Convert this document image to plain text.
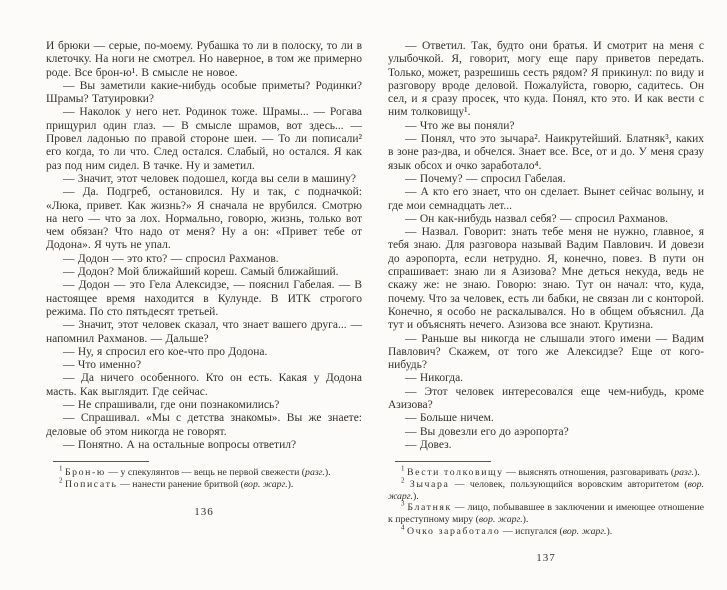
И брюки — серые, по-моему. Рубашка то ли в полоску, то ли в клеточку. На ноги не смотрел. Но наверное, в том же примерно роде. Все брон-ю¹. В смысле не новое.

— Вы заметили какие-нибудь особые приметы? Родинки? Шрамы? Татуировки?

— Наколок у него нет. Родинок тоже. Шрамы... — Рогава прищурил один глаз. — В смысле шрамов, вот здесь... — Провел ладонью по правой стороне шеи. — То ли пописали² его когда, то ли что. След остался. Слабый, но остался. Я как раз под ним сидел. В тачке. Ну и заметил.

— Значит, этот человек подошел, когда вы сели в машину?

— Да. Подгреб, остановился. Ну и так, с подначкой: «Люка, привет. Как жизнь?» Я сначала не врубился. Смотрю на него — что за лох. Нормально, говорю, жизнь, только вот чем обязан? Что надо от меня? Ну а он: «Привет тебе от Додона». Я чуть не упал.

— Додон — это кто? — спросил Рахманов.

— Додон? Мой ближайший кореш. Самый ближайший.

— Додон — это Гела Алексидзе, — пояснил Габелая. — В настоящее время находится в Кулунде. В ИТК строгого режима. По сто пятьдесят третьей.

— Значит, этот человек сказал, что знает вашего друга... — напомнил Рахманов. — Дальше?

— Ну, я спросил его кое-что про Додона.

— Что именно?

— Да ничего особенного. Кто он есть. Какая у Додона масть. Как выглядит. Где сейчас.

— Не спрашивали, где они познакомились?

— Спрашивал. «Мы с детства знакомы». Вы же знаете: деловые об этом никогда не говорят.

— Понятно. А на остальные вопросы ответил?

$^1$ Брон-ю — у спекулянтов — вещь не первой свежести (разг.).

$^2$ Пописать — нанести ранение бритвой (вор. жарг.).

136

— Ответил. Так, будто они братья. И смотрит на меня с улыбочкой. Я, говорит, могу еще пару приветов передать. Только, может, разрешишь сесть рядом? Я прикинул: по виду и разговору вроде деловой. Пожалуйста, говорю, садитесь. Он сел, и я сразу просек, что куда. Понял, кто это. И как вести с ним толковищу¹.

— Что же вы поняли?

— Понял, что это зычара². Наикрутейший. Блатняк³, каких в зоне раз-два, и обчелся. Знает все. Все, от и до. У меня сразу язык обсох и очко заработало⁴.

— Почему? — спросил Габелая.

— А кто его знает, что он сделает. Вынет сейчас волыну, и где мои семнадцать лет...

— Он как-нибудь назвал себя? — спросил Рахманов.

— Назвал. Говорит: знать тебе меня не нужно, главное, я тебя знаю. Для разговора называй Вадим Павлович. И довези до аэропорта, если нетрудно. Я, конечно, повез. В пути он спрашивает: знаю ли я Азизова? Мне деться некуда, ведь не скажу же: не знаю. Говорю: знаю. Тут он начал: что, куда, почему. Что за человек, есть ли бабки, не связан ли с конторой. Конечно, я особо не раскалывался. Но в общем объяснил. Да тут и объяснять нечего. Азизова все знают. Крутизна.

— Раньше вы никогда не слышали этого имени — Вадим Павлович? Скажем, от того же Алексидзе? Еще от кого-нибудь?

— Никогда.

— Этот человек интересовался еще чем-нибудь, кроме Азизова?

— Больше ничем.

— Вы довезли его до аэропорта?

— Довез.

$^1$ Вести толковищу — выяснять отношения, разговаривать (разг.).

$^2$ Зычара — человек, пользующийся воровским авторитетом (вор. жарг.).

$^3$ Блатняк — лицо, побывавшее в заключении и имеющее отношение к преступному миру (вор. жарг.).

$^4$ Очко заработало — испугался (вор. жарг.).

137
